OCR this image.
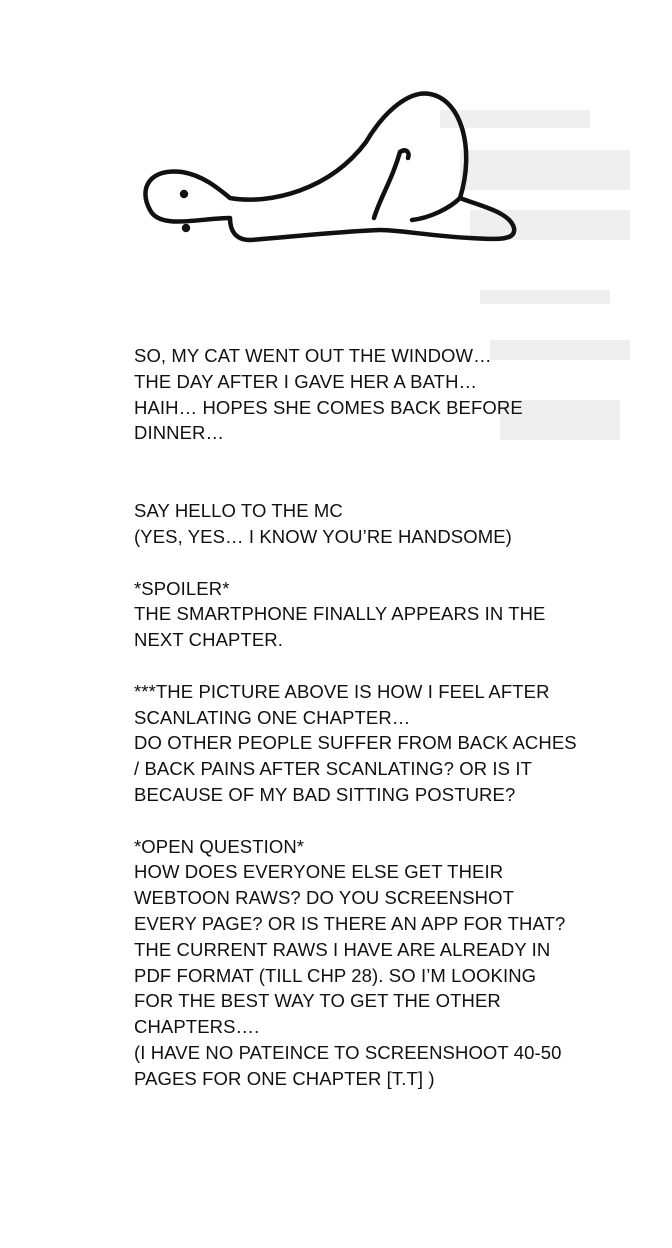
SO, MY CAT WENT OUT THE WINDOW…
THE DAY AFTER I GAVE HER A BATH…
HAIH… HOPES SHE COMES BACK BEFORE
DINNER…
SAY HELLO TO THE MC
(YES, YES… I KNOW YOU’RE HANDSOME)
*SPOILER*
THE SMARTPHONE FINALLY APPEARS IN THE
NEXT CHAPTER.
***THE PICTURE ABOVE IS HOW I FEEL AFTER
SCANLATING ONE CHAPTER…
DO OTHER PEOPLE SUFFER FROM BACK ACHES
/ BACK PAINS AFTER SCANLATING? OR IS IT
BECAUSE OF MY BAD SITTING POSTURE?
*OPEN QUESTION*
HOW DOES EVERYONE ELSE GET THEIR
WEBTOON RAWS? DO YOU SCREENSHOT
EVERY PAGE? OR IS THERE AN APP FOR THAT?
THE CURRENT RAWS I HAVE ARE ALREADY IN
PDF FORMAT (TILL CHP 28). SO I’M LOOKING
FOR THE BEST WAY TO GET THE OTHER
CHAPTERS….
(I HAVE NO PATEINCE TO SCREENSHOOT 40-50
PAGES FOR ONE CHAPTER [T.T] )
